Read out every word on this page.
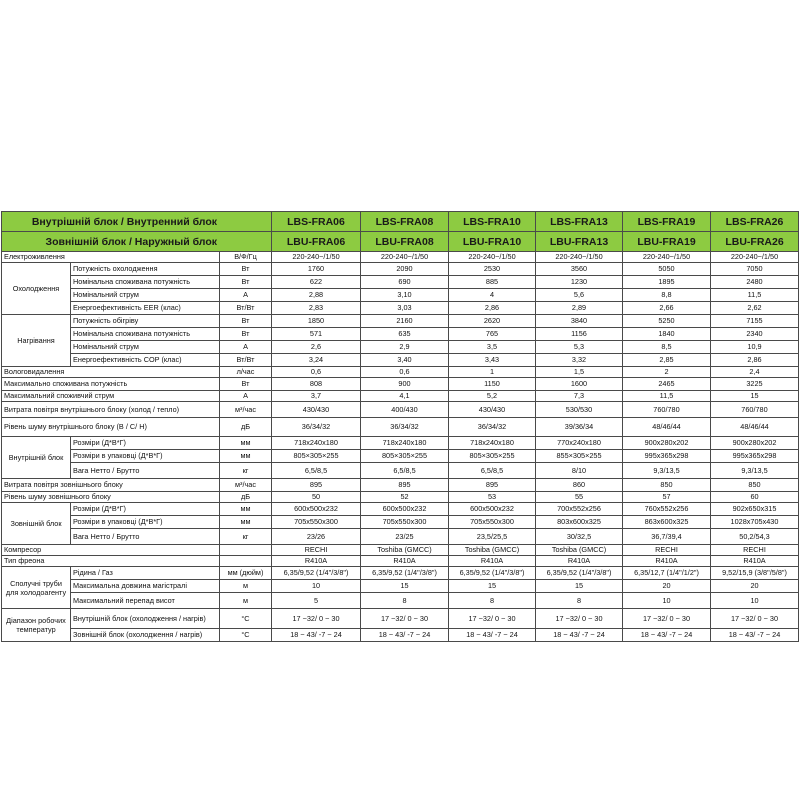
Внутрішній блок / Внутренний блок			LBS-FRA06	LBS-FRA08	LBS-FRA10	LBS-FRA13	LBS-FRA19	LBS-FRA26
Зовнішній блок / Наружный блок			LBU-FRA06	LBU-FRA08	LBU-FRA10	LBU-FRA13	LBU-FRA19	LBU-FRA26
Електроживлення		В/Ф/Гц	220-240~/1/50	220-240~/1/50	220-240~/1/50	220-240~/1/50	220-240~/1/50	220-240~/1/50
Охолодження	Потужність охолодження	Вт	1760	2090	2530	3560	5050	7050
	Номінальна споживана потужність	Вт	622	690	885	1230	1895	2480
	Номінальний струм	А	2,88	3,10	4	5,6	8,8	11,5
	Енергоефективність EER (клас)	Вт/Вт	2,83	3,03	2,86	2,89	2,66	2,62
Нагрівання	Потужність обігріву	Вт	1850	2160	2620	3840	5250	7155
	Номінальна споживана потужність	Вт	571	635	765	1156	1840	2340
	Номінальний струм	А	2,6	2,9	3,5	5,3	8,5	10,9
	Енергоефективність COP (клас)	Вт/Вт	3,24	3,40	3,43	3,32	2,85	2,86
Вологовидалення		л/час	0,6	0,6	1	1,5	2	2,4
Максимально споживана потужність		Вт	808	900	1150	1600	2465	3225
Максимальний споживчий струм		А	3,7	4,1	5,2	7,3	11,5	15
Витрата повітря внутрішнього блоку (холод / тепло)		м³/час	430/430	400/430	430/430	530/530	760/780	760/780
Рівень шуму внутрішнього блоку (В / С/ Н)		дБ	36/34/32	36/34/32	36/34/32	39/36/34	48/46/44	48/46/44
Внутрішній блок	Розміри (Д*В*Г)	мм	718x240x180	718x240x180	718x240x180	770x240x180	900x280x202	900x280x202
	Розміри в упаковці (Д*В*Г)	мм	805×305×255	805×305×255	805×305×255	855×305×255	995x365x298	995x365x298
	Вага Нетто / Брутто	кг	6,5/8,5	6,5/8,5	6,5/8,5	8/10	9,3/13,5	9,3/13,5
Витрата повітря зовнішнього блоку		м³/час	895	895	895	860	850	850
Рівень шуму зовнішнього блоку		дБ	50	52	53	55	57	60
Зовнішній блок	Розміри (Д*В*Г)	мм	600x500x232	600x500x232	600x500x232	700x552x256	760x552x256	902x650x315
	Розміри в упаковці (Д*В*Г)	мм	705x550x300	705x550x300	705x550x300	803x600x325	863x600x325	1028x705x430
	Вага Нетто / Брутто	кг	23/26	23/25	23,5/25,5	30/32,5	36,7/39,4	50,2/54,3
Компресор			RECHI	Toshiba (GMCC)	Toshiba (GMCC)	Toshiba (GMCC)	RECHI	RECHI
Тип фреона			R410A	R410A	R410A	R410A	R410A	R410A
Сполучні труби для холодоагенту	Рідина / Газ	мм (дюйм)	6,35/9,52 (1/4"/3/8")	6,35/9,52 (1/4"/3/8")	6,35/9,52 (1/4"/3/8")	6,35/9,52 (1/4"/3/8")	6,35/12,7 (1/4"/1/2")	9,52/15,9 (3/8"/5/8")
	Максимальна довжина магістралі	м	10	15	15	15	20	20
	Максимальний перепад висот	м	5	8	8	8	10	10
Діапазон робочих температур	Внутрішній блок (охолодження / нагрів)	°С	17 ~32/ 0 ~ 30	17 ~32/ 0 ~ 30	17 ~32/ 0 ~ 30	17 ~32/ 0 ~ 30	17 ~32/ 0 ~ 30	17 ~32/ 0 ~ 30
	Зовнішній блок (охолодження / нагрів)	°С	18 ~ 43/ -7 ~ 24	18 ~ 43/ -7 ~ 24	18 ~ 43/ -7 ~ 24	18 ~ 43/ -7 ~ 24	18 ~ 43/ -7 ~ 24	18 ~ 43/ -7 ~ 24
